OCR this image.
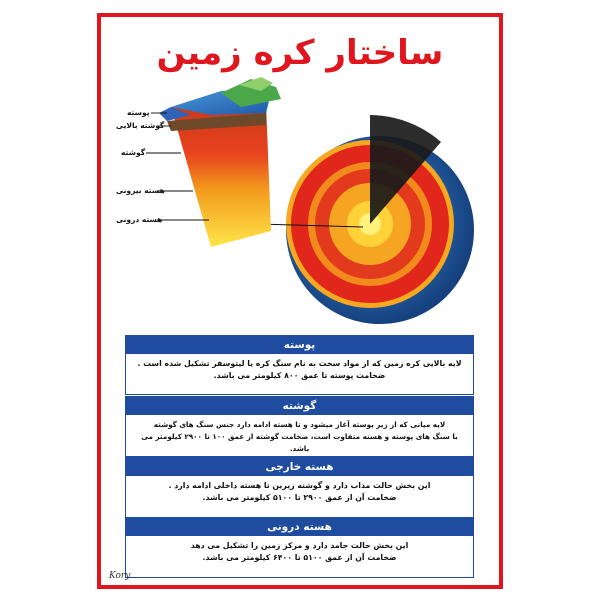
ساختار کره زمین
پوسته
گوشته بالایی
گوشته
هسته بیرونی
هسته درونی
پوسته

لایه بالایی کره زمین که از مواد سخت به نام سنگ کره یا لیتوسفر تشکیل شده است .

ضخامت پوسته تا عمق ۸۰۰ کیلومتر می باشد.

گوشته

لایه میانی که از زیر پوسته آغاز میشود و تا هسته ادامه دارد جنس سنگ های گوشته

با سنگ های پوسته و هسته متفاوت است، ضخامت گوشته از عمق ۱۰۰ تا ۲۹۰۰ کیلومتر می باشد.

هسته خارجی

این بخش حالت مذاب دارد و گوشته زیرین تا هسته داخلی ادامه دارد .

ضخامت آن از عمق ۲۹۰۰ تا ۵۱۰۰ کیلومتر می باشد.

هسته درونی

این بخش حالت جامد دارد و مرکز زمین را تشکیل می دهد

ضخامت آن از عمق ۵۱۰۰ تا ۶۴۰۰ کیلومتر می باشد.

Kory
